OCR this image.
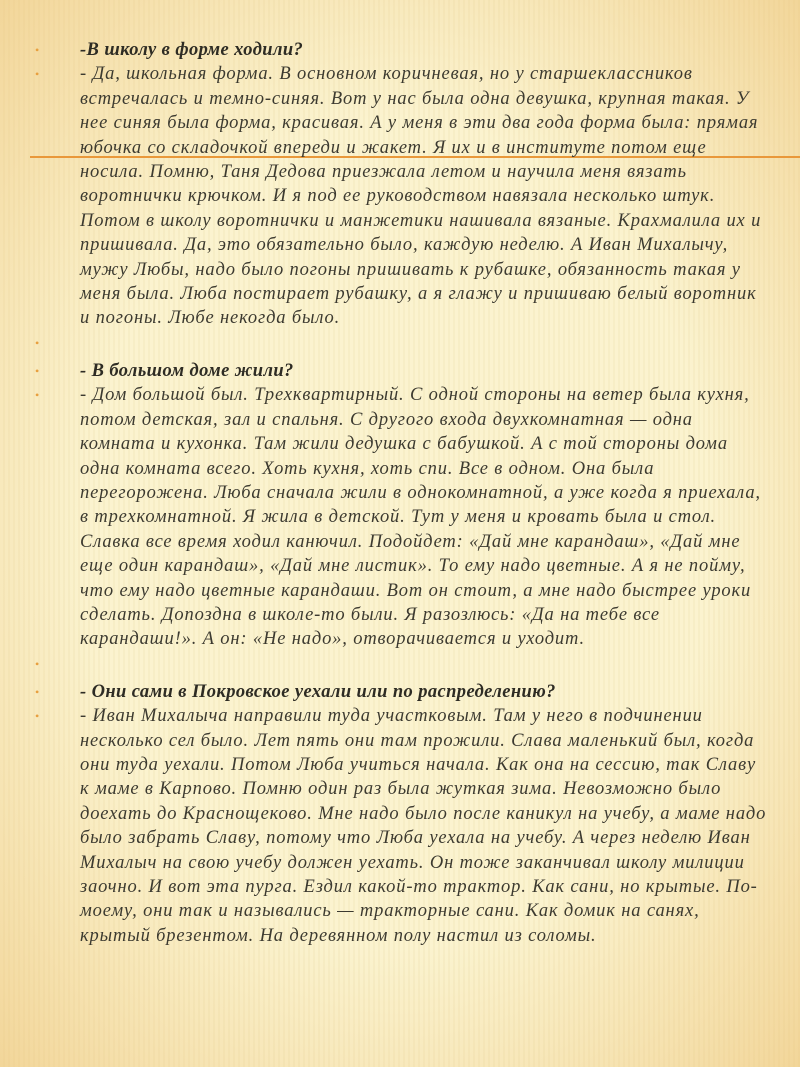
• -В школу в форме ходили?
• - Да, школьная форма. В основном коричневая, но у старшеклассников
встречалась и темно-синяя. Вот у нас была одна девушка, крупная такая. У
нее синяя была форма, красивая. А у меня в эти два года форма была: прямая
юбочка со складочкой впереди и жакет. Я их и в институте потом еще
носила. Помню, Таня Дедова приезжала летом и научила меня вязать
воротнички крючком. И я под ее руководством навязала несколько штук.
Потом в школу воротнички и манжетики нашивала вязаные. Крахмалила их и
пришивала. Да, это обязательно было, каждую неделю. А Иван Михалычу,
мужу Любы, надо было погоны пришивать к рубашке, обязанность такая у
меня была. Люба постирает рубашку, а я глажу и пришиваю белый воротник
и погоны. Любе некогда было.
•
• - В большом доме жили?
• - Дом большой был. Трехквартирный. С одной стороны на ветер была кухня,
потом детская, зал и спальня. С другого входа двухкомнатная — одна
комната и кухонка. Там жили дедушка с бабушкой. А с той стороны дома
одна комната всего. Хоть кухня, хоть спи. Все в одном. Она была
перегорожена. Люба сначала жили в однокомнатной, а уже когда я приехала,
в трехкомнатной. Я жила в детской. Тут у меня и кровать была и стол.
Славка все время ходил канючил. Подойдет: «Дай мне карандаш», «Дай мне
еще один карандаш», «Дай мне листик». То ему надо цветные. А я не пойму,
что ему надо цветные карандаши. Вот он стоит, а мне надо быстрее уроки
сделать. Допоздна в школе-то были. Я разозлюсь: «Да на тебе все
карандаши!». А он: «Не надо», отворачивается и уходит.
•
• - Они сами в Покровское уехали или по распределению?
• - Иван Михалыча направили туда участковым. Там у него в подчинении
несколько сел было. Лет пять они там прожили. Слава маленький был, когда
они туда уехали. Потом Люба учиться начала. Как она на сессию, так Славу
к маме в Карпово. Помню один раз была жуткая зима. Невозможно было
доехать до Краснощеково. Мне надо было после каникул на учебу, а маме надо
было забрать Славу, потому что Люба уехала на учебу. А через неделю Иван
Михалыч на свою учебу должен уехать. Он тоже заканчивал школу милиции
заочно. И вот эта пурга. Ездил какой-то трактор. Как сани, но крытые. По-
моему, они так и назывались — тракторные сани. Как домик на санях,
крытый брезентом. На деревянном полу настил из соломы.
